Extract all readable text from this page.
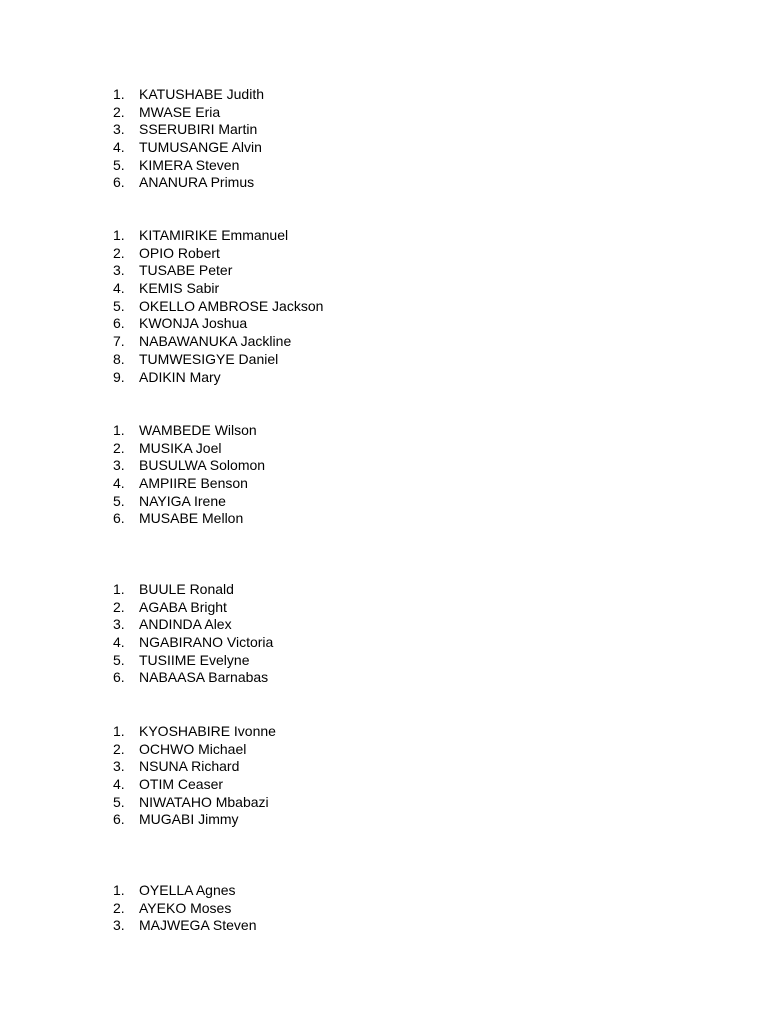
1. KATUSHABE Judith
2. MWASE Eria
3. SSERUBIRI Martin
4. TUMUSANGE Alvin
5. KIMERA Steven
6. ANANURA Primus
1. KITAMIRIKE Emmanuel
2. OPIO Robert
3. TUSABE Peter
4. KEMIS Sabir
5. OKELLO AMBROSE Jackson
6. KWONJA Joshua
7. NABAWANUKA Jackline
8. TUMWESIGYE Daniel
9. ADIKIN Mary
1. WAMBEDE Wilson
2. MUSIKA Joel
3. BUSULWA Solomon
4. AMPIIRE Benson
5. NAYIGA Irene
6. MUSABE Mellon
1. BUULE Ronald
2. AGABA Bright
3. ANDINDA Alex
4. NGABIRANO Victoria
5. TUSIIME Evelyne
6. NABAASA Barnabas
1. KYOSHABIRE Ivonne
2. OCHWO Michael
3. NSUNA Richard
4. OTIM Ceaser
5. NIWATAHO Mbabazi
6. MUGABI Jimmy
1. OYELLA Agnes
2. AYEKO Moses
3. MAJWEGA Steven
